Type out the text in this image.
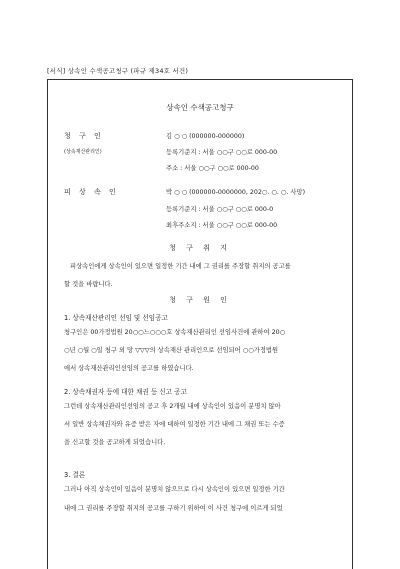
[서식] 상속인 수색공고청구 (파규 제34호 서건)
상속인 수색공고청구
청 구 인
(상속재산관리인)
김 ○ ○ (000000-000000)
등록기준지 : 서울 ○○구 ○○로 000-00
주소 : 서울 ○○구 ○○로 000-00
피 상 속 인	박 ○ ○ (000000-0000000, 202○. ○. ○. 사망)
등록기준지 : 서울 ○○구 ○○로 000-0
최후주소지 : 서울 ○○구 ○○로 000-00
청 구 취 지
피상속인에게 상속인이 있으면 일정한 기간 내에 그 권리를 주장할 취지의 공고를
할 것을 바랍니다.
청 구 원 인
1. 상속재산관리인 선임 및 선임공고
청구인은 00가정법원 20○○느○○○호 상속재산관리인 선임사건에 관하여 20○
○년 ○월 ○일 청구 외 망 ▽▽▽의 상속재산 관리인으로 선임되어 ○○가정법원
에서 상속재산관리인선임의 공고를 하였습니다.
2. 상속채권자 등에 대한 채권 등 신고 공고
그런데 상속재산관리인선임의 공고 후 2개월 내에 상속인이 있음이 분명치 않아
서 일반 상속채권자와 유증 받은 자에 대하여 일정한 기간 내에 그 채권 또는 수증
을 신고할 것을 공고하게 되었습니다.
3. 결론
그러나 아직 상속인이 있음이 분명치 않으므로 다시 상속인이 있으면 일정한 기간
내에 그 권리를 주장할 취지의 공고를 구하기 위하여 이 사건 청구에 이르게 되었
